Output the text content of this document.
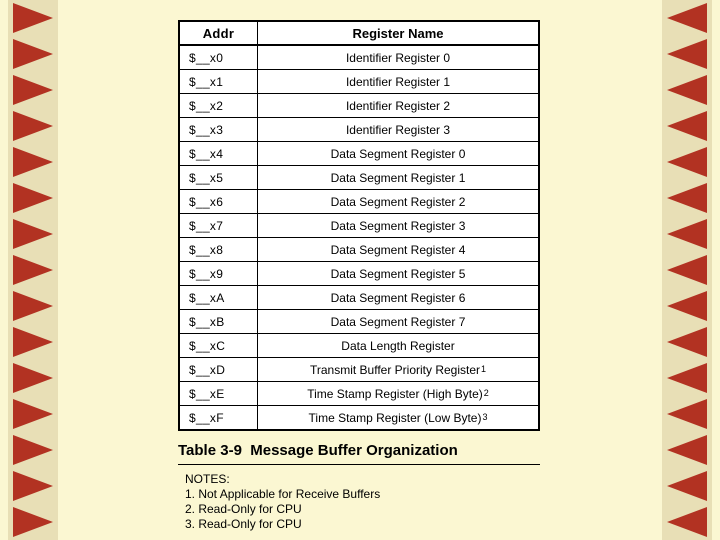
Addr	Register Name
$__x0	Identifier Register 0
$__x1	Identifier Register 1
$__x2	Identifier Register 2
$__x3	Identifier Register 3
$__x4	Data Segment Register 0
$__x5	Data Segment Register 1
$__x6	Data Segment Register 2
$__x7	Data Segment Register 3
$__x8	Data Segment Register 4
$__x9	Data Segment Register 5
$__xA	Data Segment Register 6
$__xB	Data Segment Register 7
$__xC	Data Length Register
$__xD	Transmit Buffer Priority Register$^1$
$__xE	Time Stamp Register (High Byte)$^2$
$__xF	Time Stamp Register (Low Byte)$^3$
Table 3-9  Message Buffer Organization
NOTES:
1. Not Applicable for Receive Buffers
2. Read-Only for CPU
3. Read-Only for CPU
